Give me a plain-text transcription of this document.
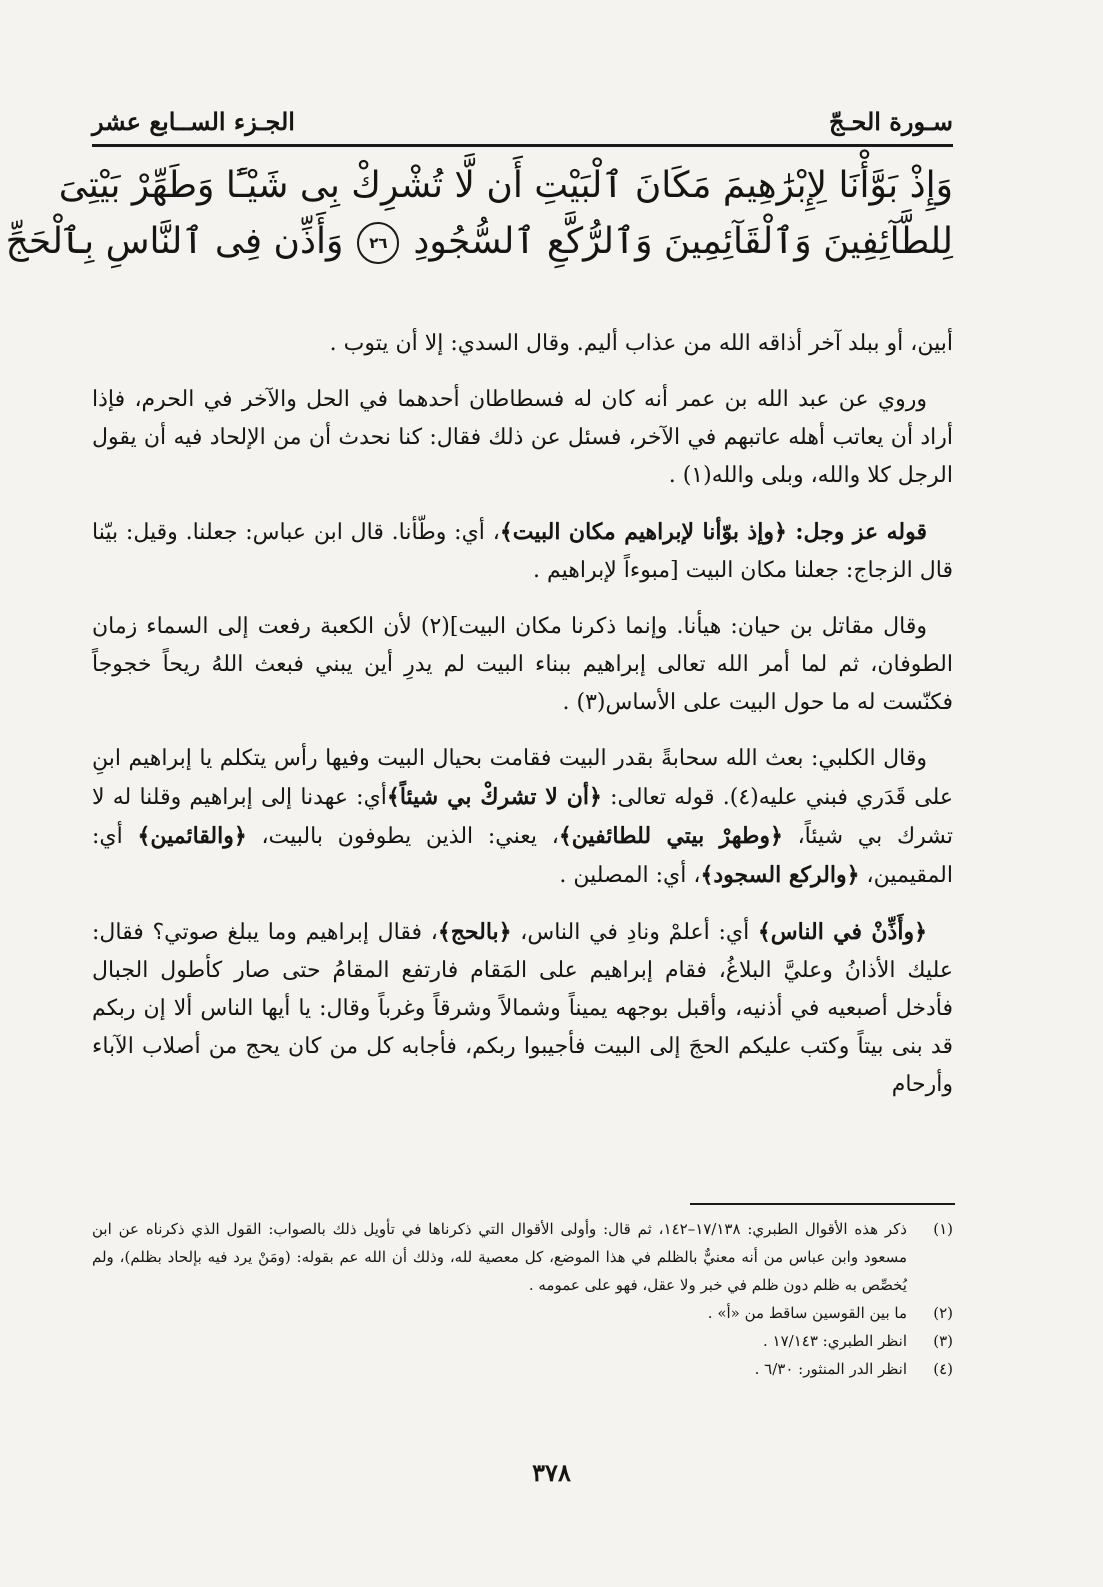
سـورة الحـجّ
الجـزء الســابع عشر
وَإِذْ بَوَّأْنَا لِإِبْرَٰهِيمَ مَكَانَ ٱلْبَيْتِ أَن لَّا تُشْرِكْ بِى شَيْـًٔا وَطَهِّرْ بَيْتِىَ
لِلطَّآئِفِينَ وَٱلْقَآئِمِينَ وَٱلرُّكَّعِ ٱلسُّجُودِ٢٦وَأَذِّن فِى ٱلنَّاسِ بِٱلْحَجِّ

أبين، أو ببلد آخر أذاقه الله من عذاب أليم. وقال السدي: إلا أن يتوب .

وروي عن عبد الله بن عمر أنه كان له فسطاطان أحدهما في الحل والآخر في الحرم، فإذا أراد أن يعاتب أهله عاتبهم في الآخر، فسئل عن ذلك فقال: كنا نحدث أن من الإلحاد فيه أن يقول الرجل كلا والله، وبلى والله(١) .

قوله عز وجل: ﴿وإذ بوّأنا لإبراهيم مكان البيت﴾، أي: وطّأنا. قال ابن عباس: جعلنا. وقيل: بيّنا قال الزجاج: جعلنا مكان البيت [مبوءاً لإبراهيم .

وقال مقاتل بن حيان: هيأنا. وإنما ذكرنا مكان البيت](٢) لأن الكعبة رفعت إلى السماء زمان الطوفان، ثم لما أمر الله تعالى إبراهيم ببناء البيت لم يدرِ أين يبني فبعث اللهُ ريحاً خجوجاً فكنّست له ما حول البيت على الأساس(٣) .

وقال الكلبي: بعث الله سحابةً بقدر البيت فقامت بحيال البيت وفيها رأس يتكلم يا إبراهيم ابنِ على قَدَري فبني عليه(٤). قوله تعالى: ﴿أن لا تشركْ بي شيئاً﴾أي: عهدنا إلى إبراهيم وقلنا له لا تشرك بي شيئاً، ﴿وطهرْ بيتي للطائفين﴾، يعني: الذين يطوفون بالبيت، ﴿والقائمين﴾ أي: المقيمين، ﴿والركع السجود﴾، أي: المصلين .

﴿وأَذِّنْ في الناس﴾ أي: أعلمْ ونادِ في الناس، ﴿بالحج﴾، فقال إبراهيم وما يبلغ صوتي؟ فقال: عليك الأذانُ وعليَّ البلاغُ، فقام إبراهيم على المَقام فارتفع المقامُ حتى صار كأطول الجبال فأدخل أصبعيه في أذنيه، وأقبل بوجهه يميناً وشمالاً وشرقاً وغرباً وقال: يا أيها الناس ألا إن ربكم قد بنى بيتاً وكتب عليكم الحجَ إلى البيت فأجيبوا ربكم، فأجابه كل من كان يحج من أصلاب الآباء وأرحام

(١)
ذكر هذه الأقوال الطبري: ١٧/١٣٨–١٤٢، ثم قال: وأولى الأقوال التي ذكرناها في تأويل ذلك بالصواب: القول الذي ذكرناه عن ابن مسعود وابن عباس من أنه معنيٌّ بالظلم في هذا الموضع، كل معصية لله، وذلك أن الله عم بقوله: (ومَنْ يرد فيه بإلحاد بظلم)، ولم يُخصِّص به ظلم دون ظلم في خبر ولا عقل، فهو على عمومه .
(٢)
ما بين القوسين ساقط من «أ» .
(٣)
انظر الطبري: ١٧/١٤٣ .
(٤)
انظر الدر المنثور: ٦/٣٠ .
٣٧٨
